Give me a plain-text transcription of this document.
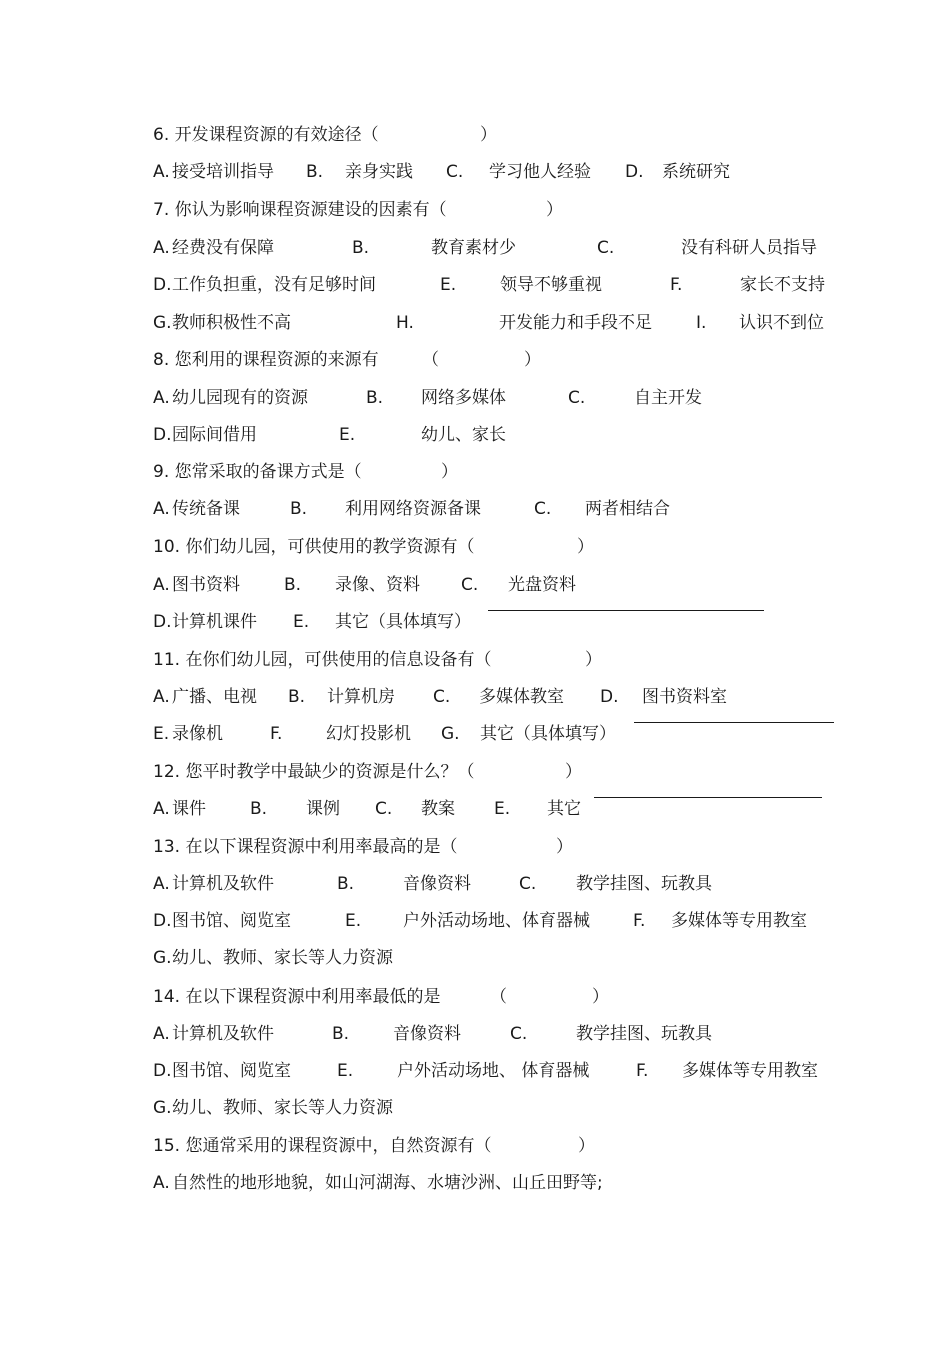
6. 开发课程资源的有效途径（	）
A. 接受培训指导 B. 亲身实践 C. 学习他人经验 D. 系统研究
7. 你认为影响课程资源建设的因素有（	）
A. 经费没有保障	B.	教育素材少	C.	没有科研人员指导
D. 工作负担重，没有足够时间	E.	领导不够重视	F.	家长不支持
G. 教师积极性不高	H.	开发能力和手段不足	I. 认识不到位
8. 您利用的课程资源的来源有	（　　　　　）
A. 幼儿园现有的资源	B. 网络多媒体	C.	自主开发
D. 园际间借用	E.	幼儿、家长
9. 您常采取的备课方式是（	）
A. 传统备课	B. 利用网络资源备课	C. 两者相结合
10. 你们幼儿园，可供使用的教学资源有（	）
A. 图书资料	B. 录像、资料 C. 光盘资料
D. 计算机课件 E. 其它（具体填写）
11. 在你们幼儿园，可供使用的信息设备有（	）
A. 广播、电视 B. 计算机房 C. 多媒体教室 D. 图书资料室
E. 录像机	F.	幻灯投影机 G. 其它（具体填写）
12. 您平时教学中最缺少的资源是什么？（	）
A. 课件	B. 课例 C. 教案 E. 其它
13. 在以下课程资源中利用率最高的是（	）
A. 计算机及软件	B.	音像资料	C. 教学挂图、玩教具
D. 图书馆、阅览室	E. 户外活动场地、体育器械	F. 多媒体等专用教室
G. 幼儿、教师、家长等人力资源
14. 在以下课程资源中利用率最低的是	（　　　　　）
A. 计算机及软件	B.	音像资料	C.	教学挂图、玩教具
D. 图书馆、阅览室	E.	户外活动场地、 体育器械	F. 多媒体等专用教室
G. 幼儿、教师、家长等人力资源
15. 您通常采用的课程资源中，自然资源有（	）
A. 自然性的地形地貌，如山河湖海、水塘沙洲、山丘田野等;
